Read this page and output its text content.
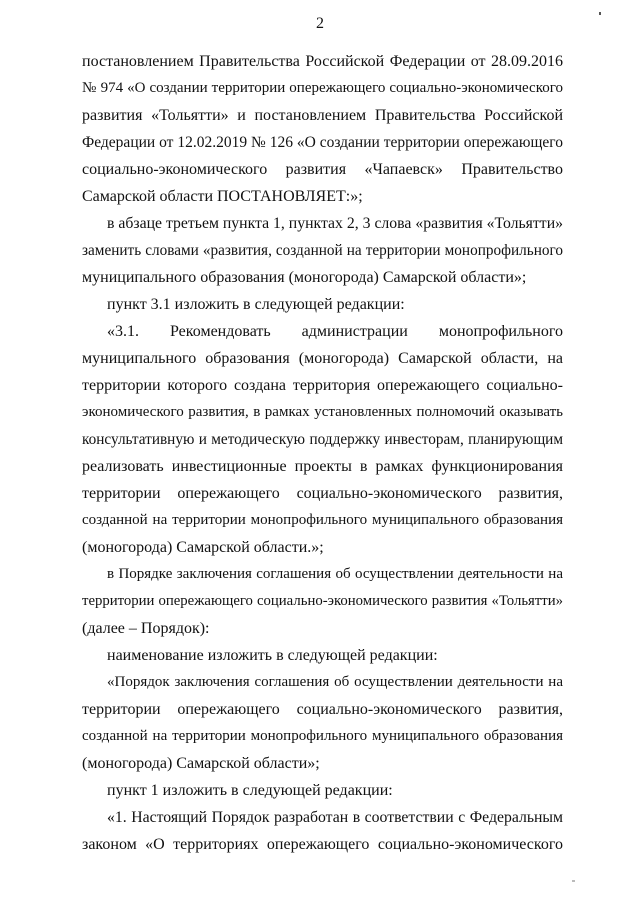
2
постановлением Правительства Российской Федерации от 28.09.2016
№ 974 «О создании территории опережающего социально-экономического
развития «Тольятти» и постановлением Правительства Российской
Федерации от 12.02.2019 № 126 «О создании территории опережающего
социально-экономического развития «Чапаевск» Правительство
Самарской области ПОСТАНОВЛЯЕТ:»;
в абзаце третьем пункта 1, пунктах 2, 3 слова «развития «Тольятти»
заменить словами «развития, созданной на территории монопрофильного
муниципального образования (моногорода) Самарской области»;
пункт 3.1 изложить в следующей редакции:
«3.1. Рекомендовать администрации монопрофильного
муниципального образования (моногорода) Самарской области, на
территории которого создана территория опережающего социально-
экономического развития, в рамках установленных полномочий оказывать
консультативную и методическую поддержку инвесторам, планирующим
реализовать инвестиционные проекты в рамках функционирования
территории опережающего социально-экономического развития,
созданной на территории монопрофильного муниципального образования
(моногорода) Самарской области.»;
в Порядке заключения соглашения об осуществлении деятельности на
территории опережающего социально-экономического развития «Тольятти»
(далее – Порядок):
наименование изложить в следующей редакции:
«Порядок заключения соглашения об осуществлении деятельности на
территории опережающего социально-экономического развития,
созданной на территории монопрофильного муниципального образования
(моногорода) Самарской области»;
пункт 1 изложить в следующей редакции:
«1. Настоящий Порядок разработан в соответствии с Федеральным
законом «О территориях опережающего социально-экономического
